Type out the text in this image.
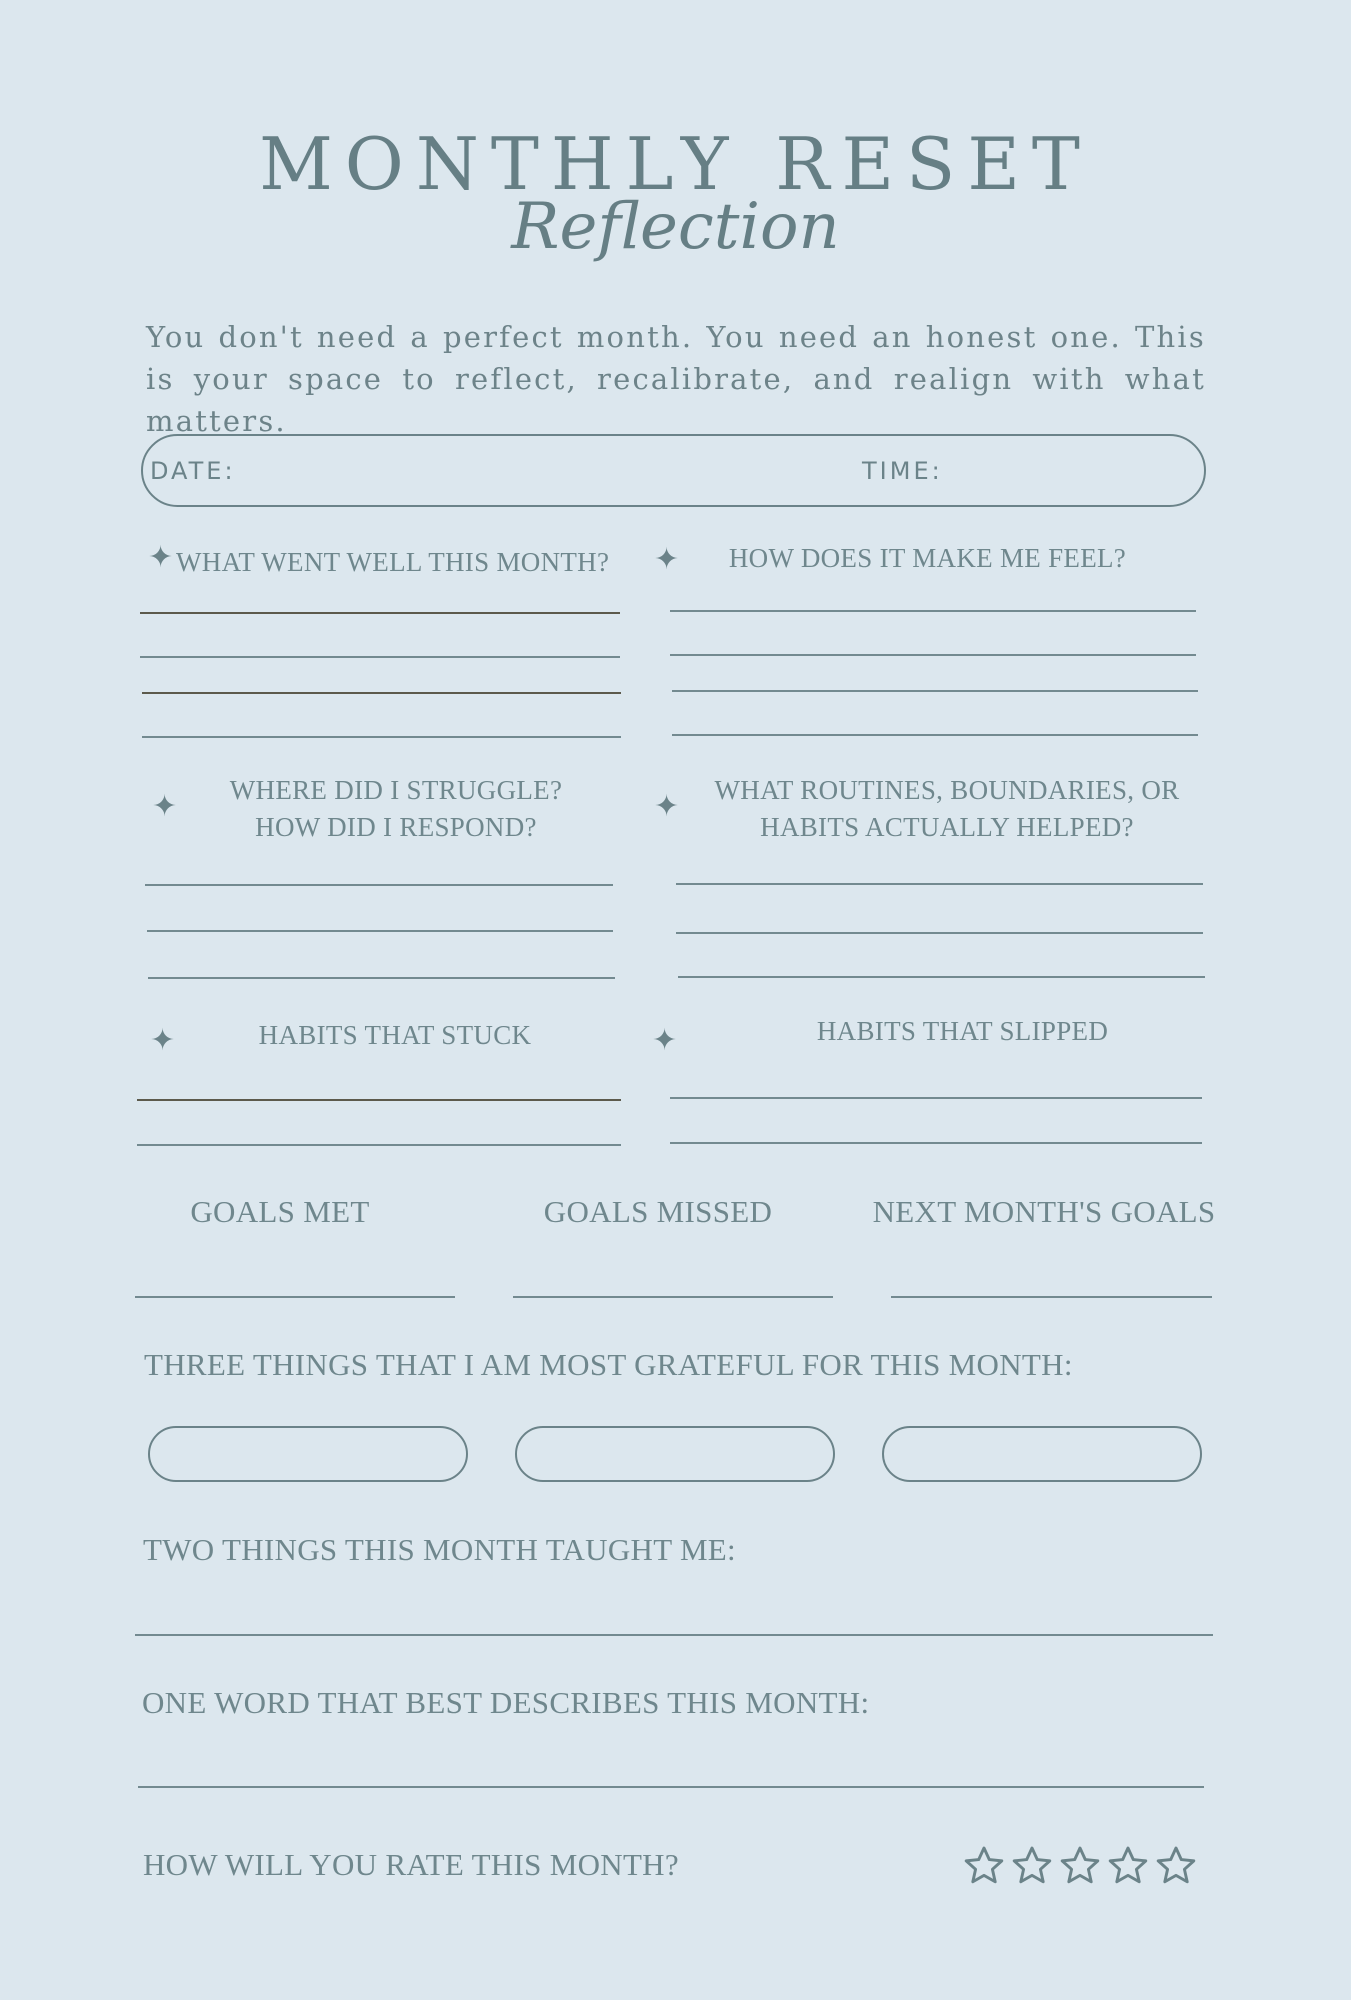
MONTHLY RESET
Reflection
You don't need a perfect month. You need an honest one. This is your space to reflect, recalibrate, and realign with what matters.
DATE:	TIME:
✦ WHAT WENT WELL THIS MONTH?	✦	HOW DOES IT MAKE ME FEEL?
✦	WHERE DID I STRUGGLE?
HOW DID I RESPOND?
✦	WHAT ROUTINES, BOUNDARIES, OR
HABITS ACTUALLY HELPED?
✦	HABITS THAT STUCK	✦	HABITS THAT SLIPPED
GOALS MET	GOALS MISSED	NEXT MONTH'S GOALS
THREE THINGS THAT I AM MOST GRATEFUL FOR THIS MONTH:
TWO THINGS THIS MONTH TAUGHT ME:
ONE WORD THAT BEST DESCRIBES THIS MONTH:
HOW WILL YOU RATE THIS MONTH?
